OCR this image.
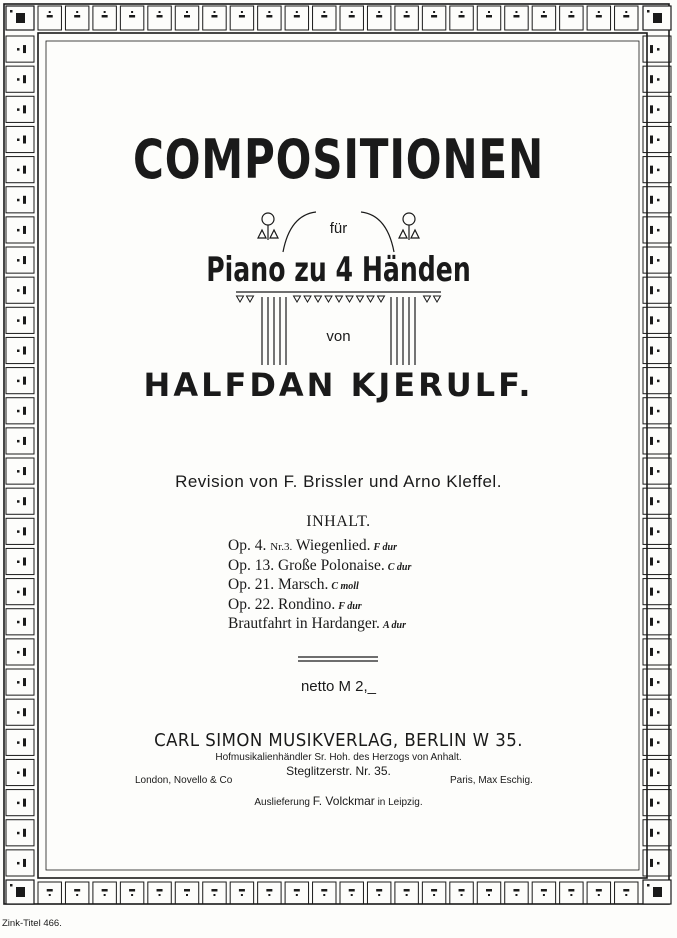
COMPOSITIONEN
für
Piano zu 4 Händen
von
HALFDAN KJERULF.
Revision von F. Brissler und Arno Kleffel.
INHALT.
Op. 4. Nr.3. Wiegenlied. F dur
Op. 13. Große Polonaise. C dur
Op. 21. Marsch. C moll
Op. 22. Rondino. F dur
Brautfahrt in Hardanger. A dur
netto M 2,_
CARL SIMON MUSIKVERLAG, BERLIN W 35.
Hofmusikalienhändler Sr. Hoh. des Herzogs von Anhalt.
Steglitzerstr. Nr. 35.
London, Novello & Co	Paris, Max Eschig.
Auslieferung F. Volckmar in Leipzig.
Zink-Titel 466.
